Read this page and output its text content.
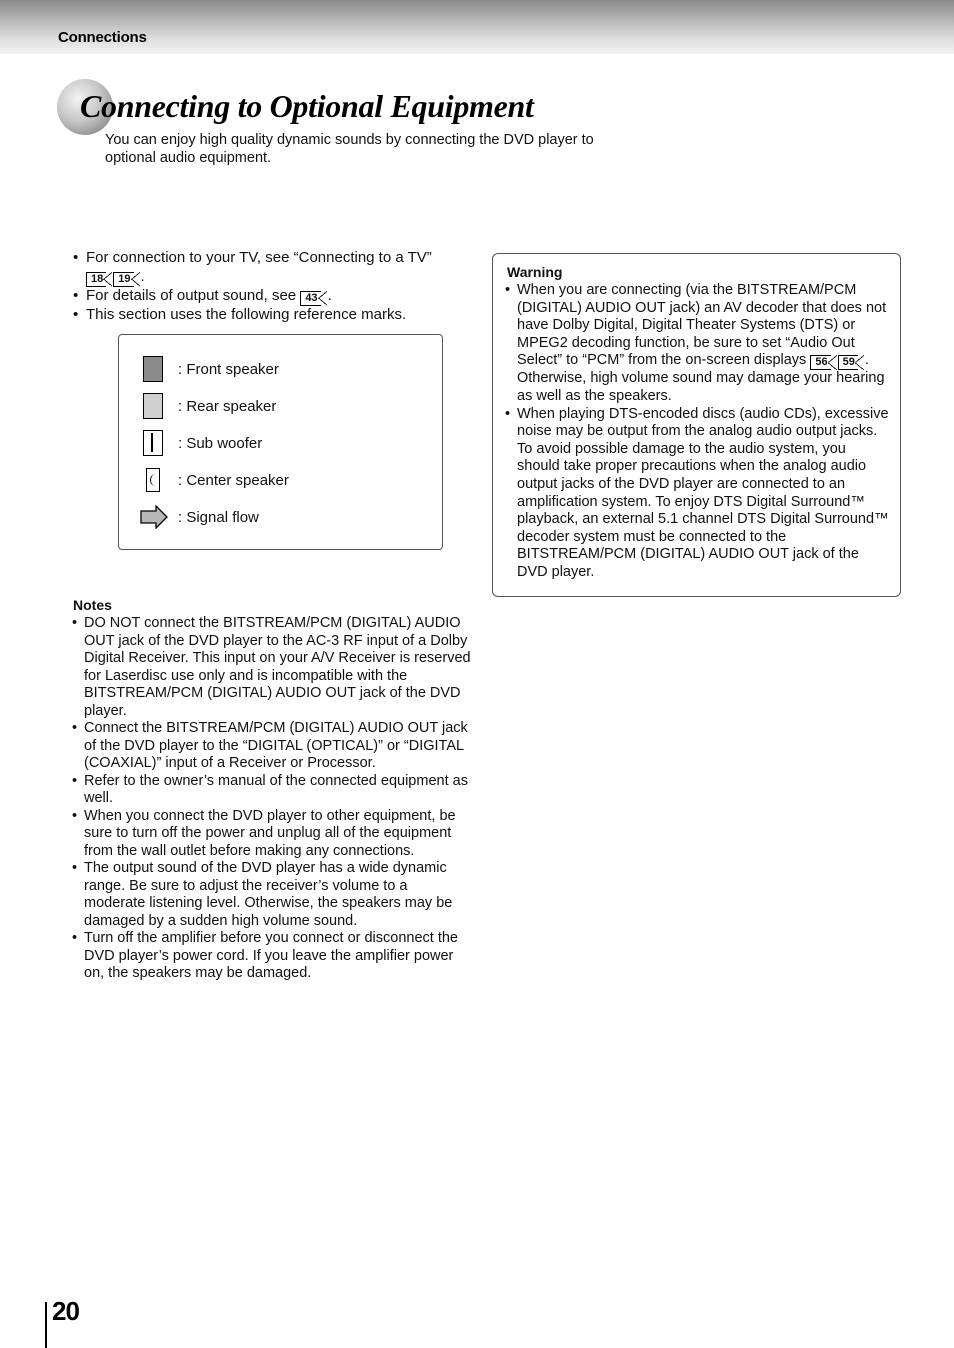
Connections
Connecting to Optional Equipment

You can enjoy high quality dynamic sounds by connecting the DVD player to optional audio equipment.

• For connection to your TV, see “Connecting to a TV”
18 19 .
• For details of output sound, see 43 .
• This section uses the following reference marks.
: Front speaker
: Rear speaker
: Sub woofer
: Center speaker
: Signal flow
Notes
• DO NOT connect the BITSTREAM/PCM (DIGITAL) AUDIO OUT jack of the DVD player to the AC-3 RF input of a Dolby Digital Receiver. This input on your A/V Receiver is reserved for Laserdisc use only and is incompatible with the BITSTREAM/PCM (DIGITAL) AUDIO OUT jack of the DVD player.
• Connect the BITSTREAM/PCM (DIGITAL) AUDIO OUT jack of the DVD player to the “DIGITAL (OPTICAL)” or “DIGITAL (COAXIAL)” input of a Receiver or Processor.
• Refer to the owner’s manual of the connected equipment as well.
• When you connect the DVD player to other equipment, be sure to turn off the power and unplug all of the equipment from the wall outlet before making any connections.
• The output sound of the DVD player has a wide dynamic range. Be sure to adjust the receiver’s volume to a moderate listening level. Otherwise, the speakers may be damaged by a sudden high volume sound.
• Turn off the amplifier before you connect or disconnect the DVD player’s power cord. If you leave the amplifier power on, the speakers may be damaged.
Warning
• When you are connecting (via the BITSTREAM/PCM (DIGITAL) AUDIO OUT jack) an AV decoder that does not have Dolby Digital, Digital Theater Systems (DTS) or MPEG2 decoding function, be sure to set “Audio Out Select” to “PCM” from the on-screen displays 56 59 . Otherwise, high volume sound may damage your hearing as well as the speakers.
• When playing DTS-encoded discs (audio CDs), excessive noise may be output from the analog audio output jacks. To avoid possible damage to the audio system, you should take proper precautions when the analog audio output jacks of the DVD player are connected to an amplification system. To enjoy DTS Digital Surround™ playback, an external 5.1 channel DTS Digital Surround™ decoder system must be connected to the BITSTREAM/PCM (DIGITAL) AUDIO OUT jack of the DVD player.
20
